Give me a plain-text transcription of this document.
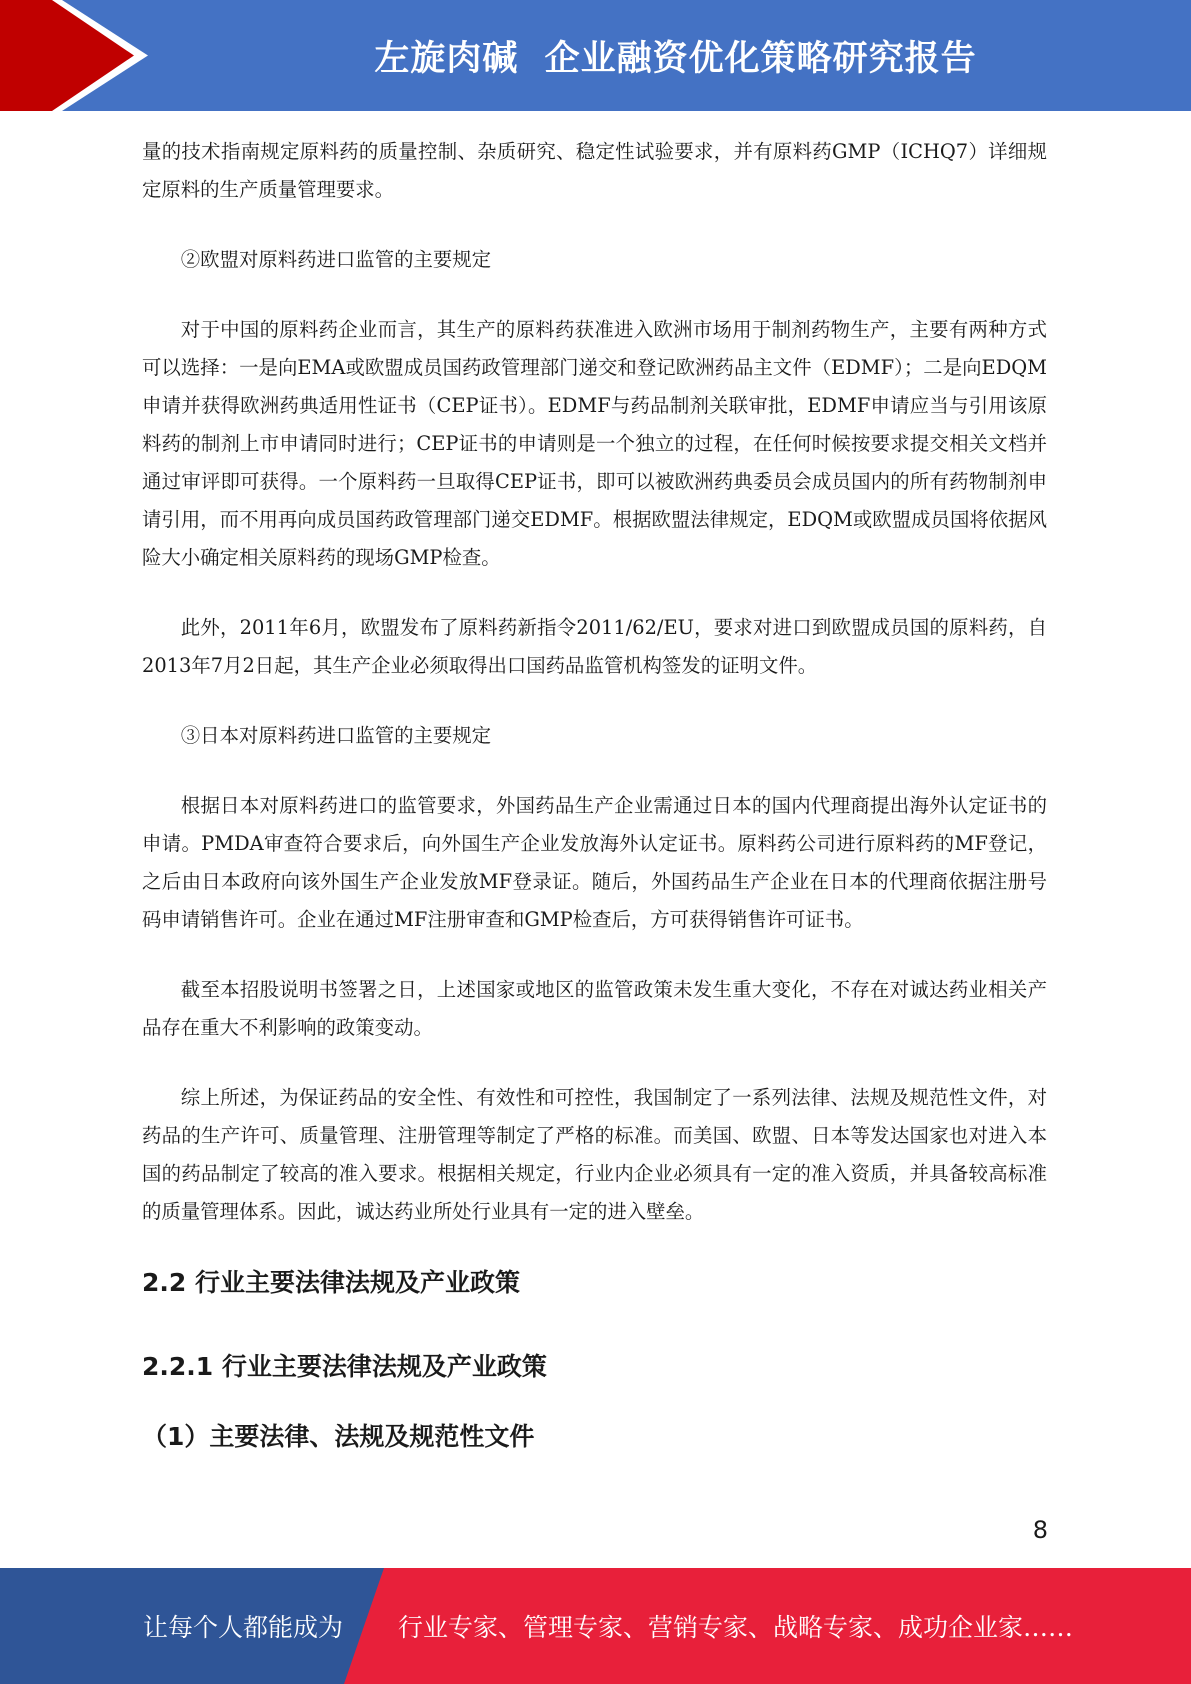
左旋肉碱  企业融资优化策略研究报告

量的技术指南规定原料药的质量控制、杂质研究、稳定性试验要求，并有原料药GMP（ICHQ7）详细规定原料的生产质量管理要求。

②欧盟对原料药进口监管的主要规定

对于中国的原料药企业而言，其生产的原料药获准进入欧洲市场用于制剂药物生产，主要有两种方式可以选择：一是向EMA或欧盟成员国药政管理部门递交和登记欧洲药品主文件（EDMF）；二是向EDQM申请并获得欧洲药典适用性证书（CEP证书）。EDMF与药品制剂关联审批，EDMF申请应当与引用该原料药的制剂上市申请同时进行；CEP证书的申请则是一个独立的过程，在任何时候按要求提交相关文档并通过审评即可获得。一个原料药一旦取得CEP证书，即可以被欧洲药典委员会成员国内的所有药物制剂申请引用，而不用再向成员国药政管理部门递交EDMF。根据欧盟法律规定，EDQM或欧盟成员国将依据风险大小确定相关原料药的现场GMP检查。

此外，2011年6月，欧盟发布了原料药新指令2011/62/EU，要求对进口到欧盟成员国的原料药，自2013年7月2日起，其生产企业必须取得出口国药品监管机构签发的证明文件。

③日本对原料药进口监管的主要规定

根据日本对原料药进口的监管要求，外国药品生产企业需通过日本的国内代理商提出海外认定证书的申请。PMDA审查符合要求后，向外国生产企业发放海外认定证书。原料药公司进行原料药的MF登记，之后由日本政府向该外国生产企业发放MF登录证。随后，外国药品生产企业在日本的代理商依据注册号码申请销售许可。企业在通过MF注册审查和GMP检查后，方可获得销售许可证书。

截至本招股说明书签署之日，上述国家或地区的监管政策未发生重大变化，不存在对诚达药业相关产品存在重大不利影响的政策变动。

综上所述，为保证药品的安全性、有效性和可控性，我国制定了一系列法律、法规及规范性文件，对药品的生产许可、质量管理、注册管理等制定了严格的标准。而美国、欧盟、日本等发达国家也对进入本国的药品制定了较高的准入要求。根据相关规定，行业内企业必须具有一定的准入资质，并具备较高标准的质量管理体系。因此，诚达药业所处行业具有一定的进入壁垒。

2.2 行业主要法律法规及产业政策
2.2.1 行业主要法律法规及产业政策
（1）主要法律、法规及规范性文件
8
让每个人都能成为 行业专家、管理专家、营销专家、战略专家、成功企业家……
